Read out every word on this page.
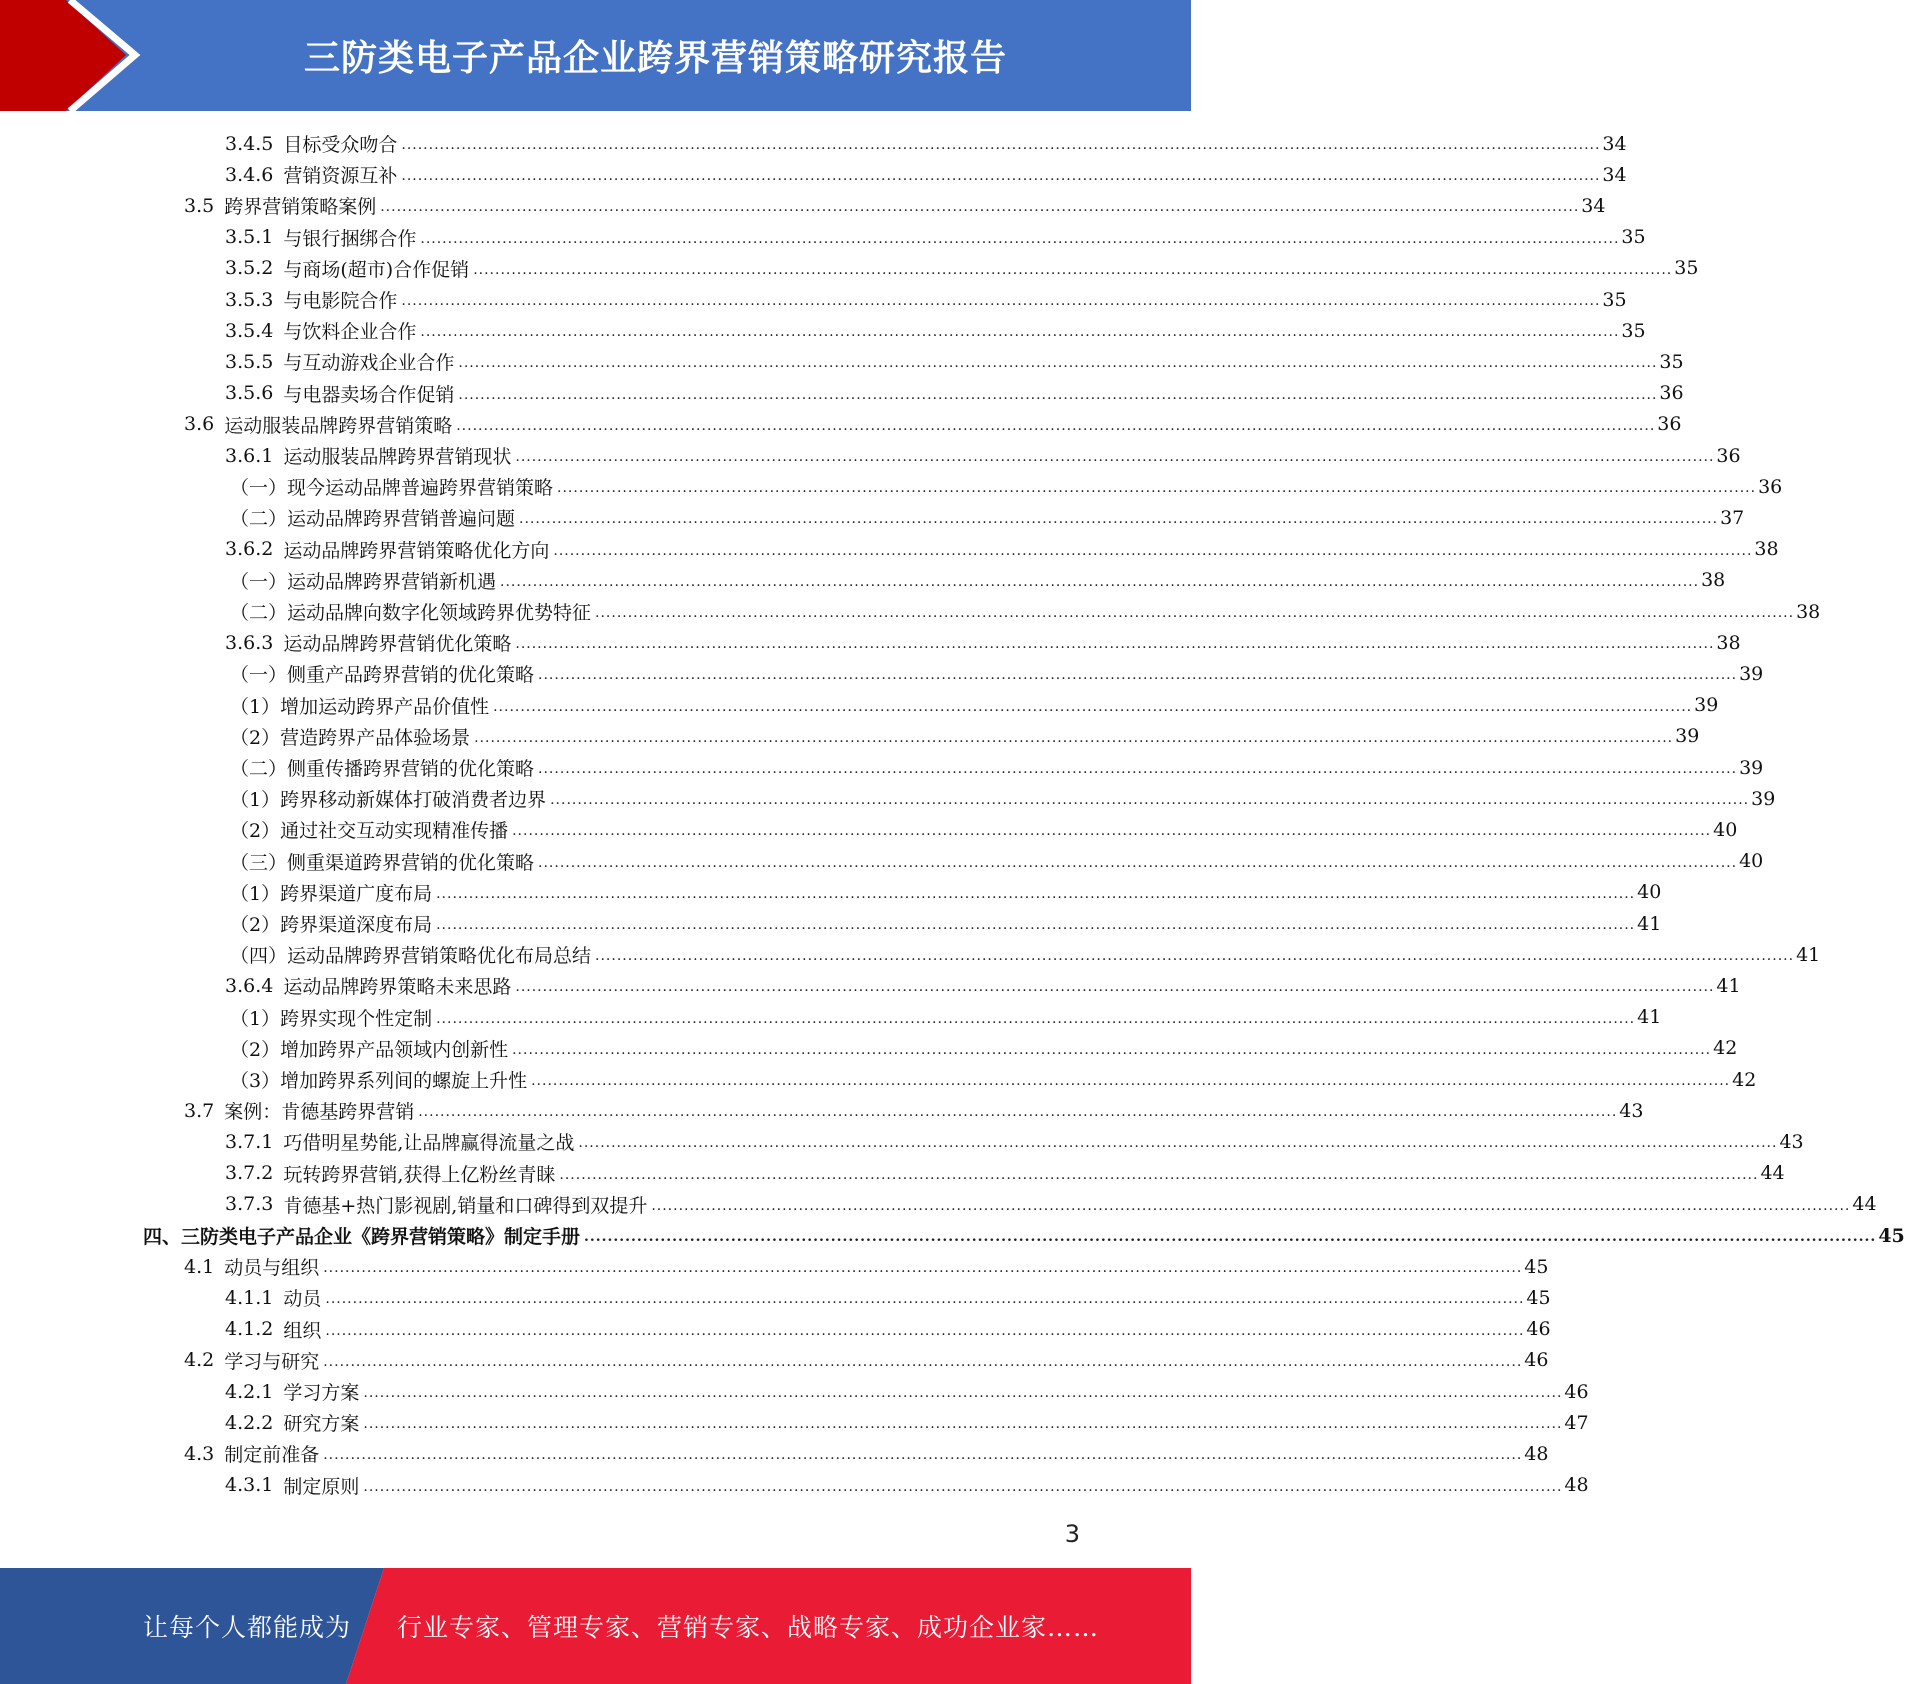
三防类电子产品企业跨界营销策略研究报告
3.4.5 目标受众吻合 ............................................................................................................................................................................................................................ 34
3.4.6 营销资源互补 ............................................................................................................................................................................................................................ 34
3.5 跨界营销策略案例 ............................................................................................................................................................................................................................ 34
3.5.1 与银行捆绑合作 ............................................................................................................................................................................................................................ 35
3.5.2 与商场(超市)合作促销 ............................................................................................................................................................................................................................ 35
3.5.3 与电影院合作 ............................................................................................................................................................................................................................ 35
3.5.4 与饮料企业合作 ............................................................................................................................................................................................................................ 35
3.5.5 与互动游戏企业合作 ............................................................................................................................................................................................................................ 35
3.5.6 与电器卖场合作促销 ............................................................................................................................................................................................................................ 36
3.6 运动服装品牌跨界营销策略 ............................................................................................................................................................................................................................ 36
3.6.1 运动服装品牌跨界营销现状 ............................................................................................................................................................................................................................ 36
（一）现今运动品牌普遍跨界营销策略 ............................................................................................................................................................................................................................ 36
（二）运动品牌跨界营销普遍问题 ............................................................................................................................................................................................................................ 37
3.6.2 运动品牌跨界营销策略优化方向 ............................................................................................................................................................................................................................ 38
（一）运动品牌跨界营销新机遇 ............................................................................................................................................................................................................................ 38
（二）运动品牌向数字化领域跨界优势特征 ............................................................................................................................................................................................................................ 38
3.6.3 运动品牌跨界营销优化策略 ............................................................................................................................................................................................................................ 38
（一）侧重产品跨界营销的优化策略 ............................................................................................................................................................................................................................ 39
（1）增加运动跨界产品价值性 ............................................................................................................................................................................................................................ 39
（2）营造跨界产品体验场景 ............................................................................................................................................................................................................................ 39
（二）侧重传播跨界营销的优化策略 ............................................................................................................................................................................................................................ 39
（1）跨界移动新媒体打破消费者边界 ............................................................................................................................................................................................................................ 39
（2）通过社交互动实现精准传播 ............................................................................................................................................................................................................................ 40
（三）侧重渠道跨界营销的优化策略 ............................................................................................................................................................................................................................ 40
（1）跨界渠道广度布局 ............................................................................................................................................................................................................................ 40
（2）跨界渠道深度布局 ............................................................................................................................................................................................................................ 41
（四）运动品牌跨界营销策略优化布局总结 ............................................................................................................................................................................................................................ 41
3.6.4 运动品牌跨界策略未来思路 ............................................................................................................................................................................................................................ 41
（1）跨界实现个性定制 ............................................................................................................................................................................................................................ 41
（2）增加跨界产品领域内创新性 ............................................................................................................................................................................................................................ 42
（3）增加跨界系列间的螺旋上升性 ............................................................................................................................................................................................................................ 42
3.7 案例：肯德基跨界营销 ............................................................................................................................................................................................................................ 43
3.7.1 巧借明星势能,让品牌赢得流量之战 ............................................................................................................................................................................................................................ 43
3.7.2 玩转跨界营销,获得上亿粉丝青睐 ............................................................................................................................................................................................................................ 44
3.7.3 肯德基+热门影视剧,销量和口碑得到双提升 ............................................................................................................................................................................................................................ 44
四、三防类电子产品企业《跨界营销策略》制定手册 ............................................................................................................................................................................................................................ 45
4.1 动员与组织 ............................................................................................................................................................................................................................ 45
4.1.1 动员 ............................................................................................................................................................................................................................ 45
4.1.2 组织 ............................................................................................................................................................................................................................ 46
4.2 学习与研究 ............................................................................................................................................................................................................................ 46
4.2.1 学习方案 ............................................................................................................................................................................................................................ 46
4.2.2 研究方案 ............................................................................................................................................................................................................................ 47
4.3 制定前准备 ............................................................................................................................................................................................................................ 48
4.3.1 制定原则 ............................................................................................................................................................................................................................ 48
3
让每个人都能成为 行业专家、管理专家、营销专家、战略专家、成功企业家……
